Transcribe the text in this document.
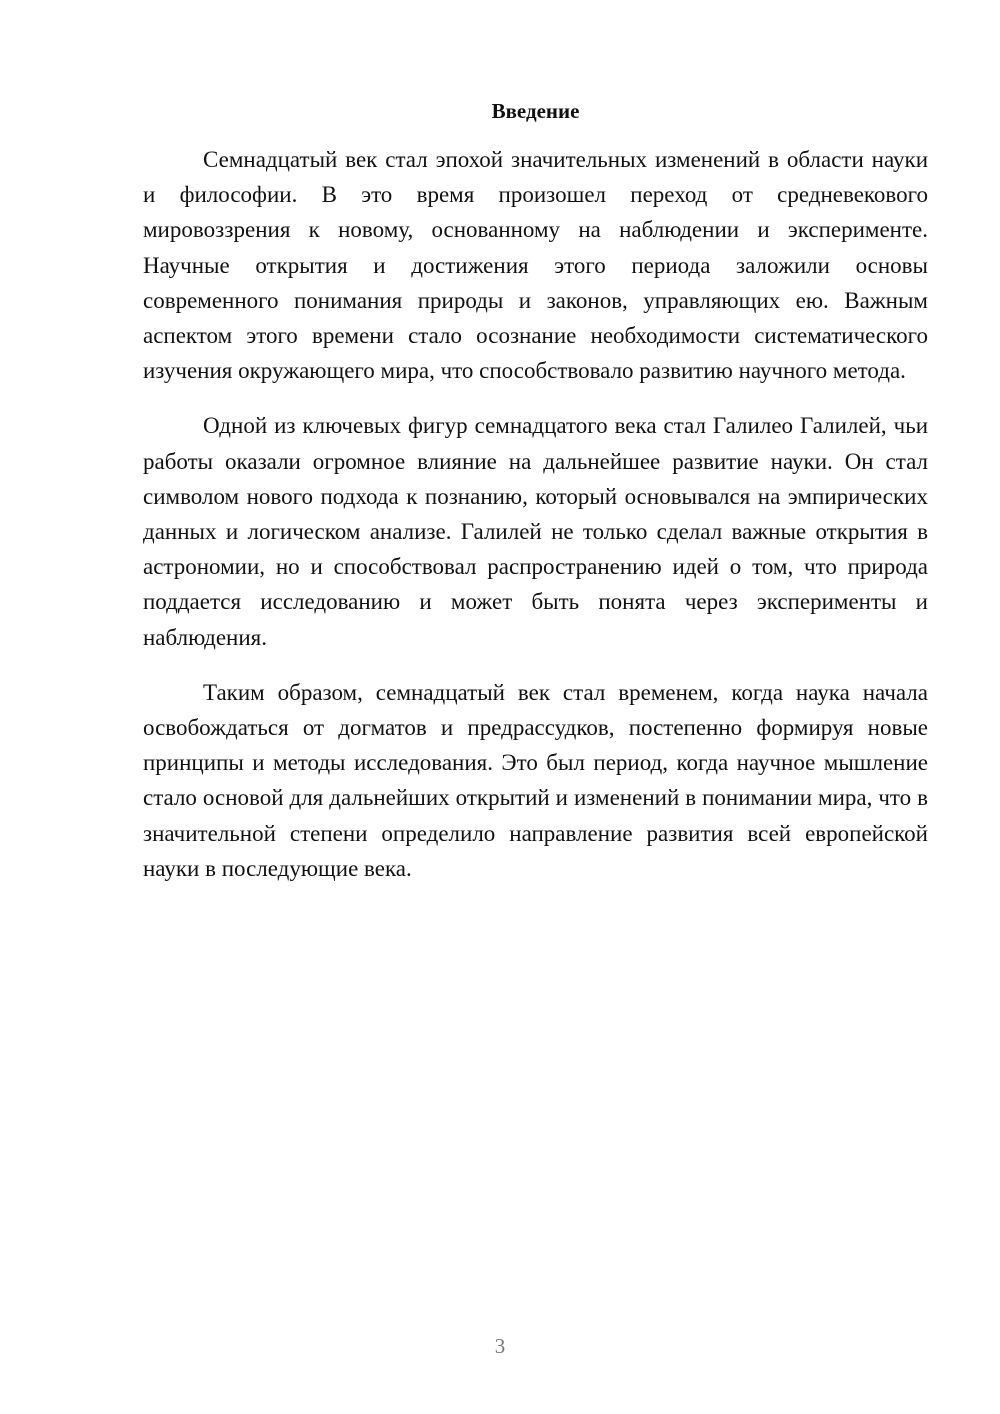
Введение

Семнадцатый век стал эпохой значительных изменений в области науки и философии. В это время произошел переход от средневекового мировоззрения к новому, основанному на наблюдении и эксперименте. Научные открытия и достижения этого периода заложили основы современного понимания природы и законов, управляющих ею. Важным аспектом этого времени стало осознание необходимости систематического изучения окружающего мира, что способствовало развитию научного метода.

Одной из ключевых фигур семнадцатого века стал Галилео Галилей, чьи работы оказали огромное влияние на дальнейшее развитие науки. Он стал символом нового подхода к познанию, который основывался на эмпирических данных и логическом анализе. Галилей не только сделал важные открытия в астрономии, но и способствовал распространению идей о том, что природа поддается исследованию и может быть понята через эксперименты и наблюдения.

Таким образом, семнадцатый век стал временем, когда наука начала освобождаться от догматов и предрассудков, постепенно формируя новые принципы и методы исследования. Это был период, когда научное мышление стало основой для дальнейших открытий и изменений в понимании мира, что в значительной степени определило направление развития всей европейской науки в последующие века.

3
